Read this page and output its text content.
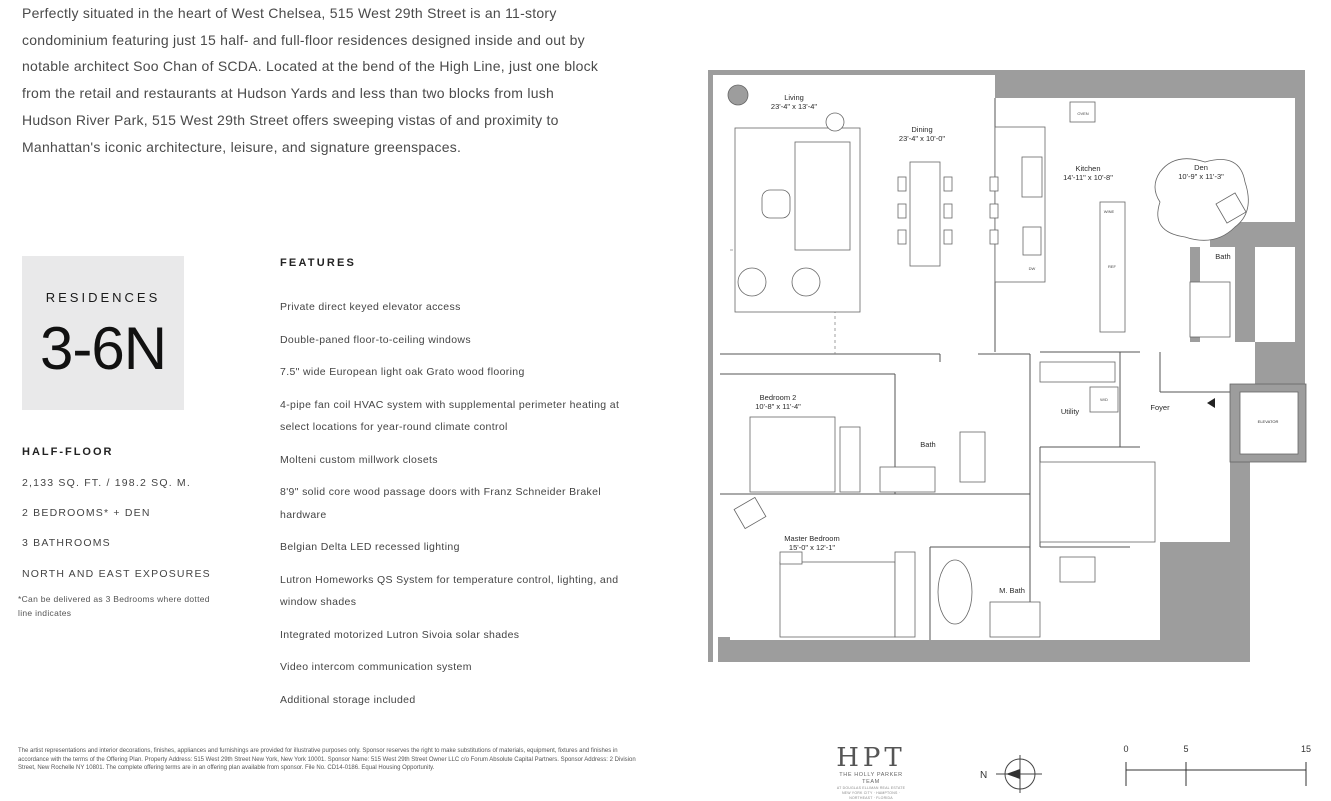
Perfectly situated in the heart of West Chelsea, 515 West 29th Street is an 11-story condominium featuring just 15 half- and full-floor residences designed inside and out by notable architect Soo Chan of SCDA. Located at the bend of the High Line, just one block from the retail and restaurants at Hudson Yards and less than two blocks from lush Hudson River Park, 515 West 29th Street offers sweeping vistas of and proximity to Manhattan's iconic architecture, leisure, and signature greenspaces.

RESIDENCES
3-6N
HALF-FLOOR
2,133 SQ. FT. / 198.2 SQ. M.
2 BEDROOMS* + DEN
3 BATHROOMS
NORTH AND EAST EXPOSURES
*Can be delivered as 3 Bedrooms where dotted line indicates
FEATURES
Private direct keyed elevator access
Double-paned floor-to-ceiling windows
7.5" wide European light oak Grato wood flooring
4-pipe fan coil HVAC system with supplemental perimeter heating at select locations for year-round climate control
Molteni custom millwork closets
8'9" solid core wood passage doors with Franz Schneider Brakel hardware
Belgian Delta LED recessed lighting
Lutron Homeworks QS System for temperature control, lighting, and window shades
Integrated motorized Lutron Sivoia solar shades
Video intercom communication system
Additional storage included
Living
23'-4" x 13'-4"
Dining
23'-4" x 10'-0"
Kitchen
14'-11" x 10'-8"
Den
10'-9" x 11'-3"
Bath
Bedroom 2
10'-8" x 11'-4"
Bath
Utility	Foyer
ELEVATOR
Master Bedroom
15'-0" x 12'-1"
M. Bath
OVEN
WINE
REF
DW
W/D

The artist representations and interior decorations, finishes, appliances and furnishings are provided for illustrative purposes only. Sponsor reserves the right to make substitutions of materials, equipment, fixtures and finishes in accordance with the terms of the Offering Plan. Property Address: 515 West 29th Street New York, New York 10001. Sponsor Name: 515 West 29th Street Owner LLC c/o Forum Absolute Capital Partners. Sponsor Address: 2 Division Street, New Rochelle NY 10801. The complete offering terms are in an offering plan available from sponsor. File No. CD14-0186. Equal Housing Opportunity.	HPT
THE HOLLY PARKER TEAM
AT DOUGLAS ELLIMAN REAL ESTATE
NEW YORK CITY · HAMPTONS · NORTHEAST · FLORIDA
N
0	5	15
